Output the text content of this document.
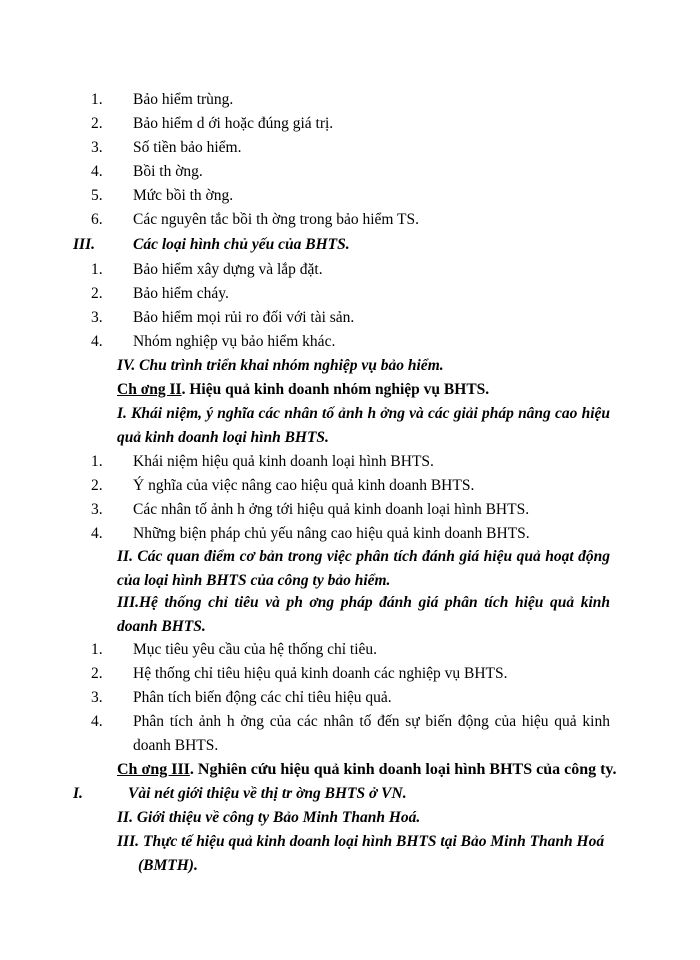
1.	Bảo hiểm trùng.
2.	Bảo hiểm d ới hoặc đúng giá trị.
3.	Số tiền bảo hiểm.
4.	Bồi th ờng.
5.	Mức bồi th ờng.
6.	Các nguyên tắc bồi th ờng trong bảo hiểm TS.
III. Các loại hình chủ yếu của BHTS.
1.	Bảo hiểm xây dựng và lắp đặt.
2.	Bảo hiểm cháy.
3.	Bảo hiểm mọi rủi ro đối với tài sản.
4.	Nhóm nghiệp vụ bảo hiểm khác.
IV. Chu trình triển khai nhóm nghiệp vụ bảo hiểm.
Ch ơng II. Hiệu quả kinh doanh nhóm nghiệp vụ BHTS.
I. Khái niệm, ý nghĩa các nhân tố ảnh h ởng và các giải pháp nâng cao hiệu quả kinh doanh loại hình BHTS.
1.	Khái niệm hiệu quả kinh doanh loại hình BHTS.
2.	Ý nghĩa của việc nâng cao hiệu quả kinh doanh BHTS.
3.	Các nhân tố ảnh h ởng tới hiệu quả kinh doanh loại hình BHTS.
4.	Những biện pháp chủ yếu nâng cao hiệu quả kinh doanh BHTS.
II. Các quan điểm cơ bản trong việc phân tích đánh giá hiệu quả hoạt động của loại hình BHTS của công ty bảo hiểm.
III.Hệ thống chỉ tiêu và ph ơng pháp đánh giá phân tích hiệu quả kinh doanh BHTS.
1.	Mục tiêu yêu cầu của hệ thống chỉ tiêu.
2.	Hệ thống chỉ tiêu hiệu quả kinh doanh các nghiệp vụ BHTS.
3.	Phân tích biến động các chỉ tiêu hiệu quả.
4. Phân tích ảnh h ởng của các nhân tố đến sự biến động của hiệu quả kinh doanh BHTS.
Ch ơng III. Nghiên cứu hiệu quả kinh doanh loại hình BHTS của công ty.
I.	Vài nét giới thiệu về thị tr ờng BHTS ở VN.
II. Giới thiệu về công ty Bảo Minh Thanh Hoá.
III. Thực tế hiệu quả kinh doanh loại hình BHTS tại Bảo Minh Thanh Hoá
(BMTH).
